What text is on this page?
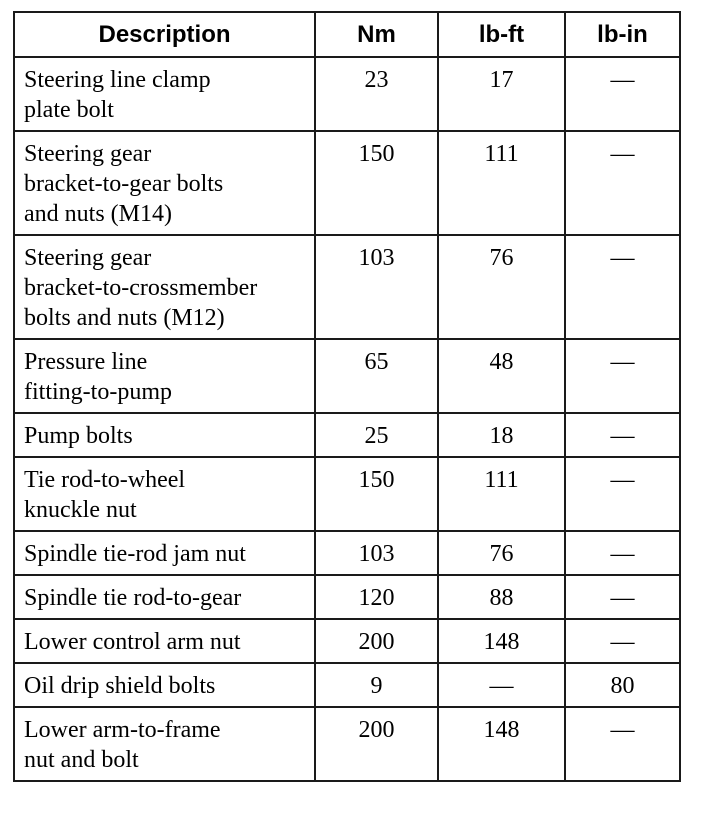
Description	Nm	lb-ft	lb-in

Steering line clamp
plate bolt	23	17	—

Steering gear
bracket-to-gear bolts
and nuts (M14)	150	111	—

Steering gear
bracket-to-crossmember
bolts and nuts (M12)	103	76	—

Pressure line
fitting-to-pump	65	48	—

Pump bolts	25	18	—

Tie rod-to-wheel
knuckle nut	150	111	—

Spindle tie-rod jam nut	103	76	—

Spindle tie rod-to-gear	120	88	—

Lower control arm nut	200	148	—

Oil drip shield bolts	9	—	80

Lower arm-to-frame
nut and bolt	200	148	—
